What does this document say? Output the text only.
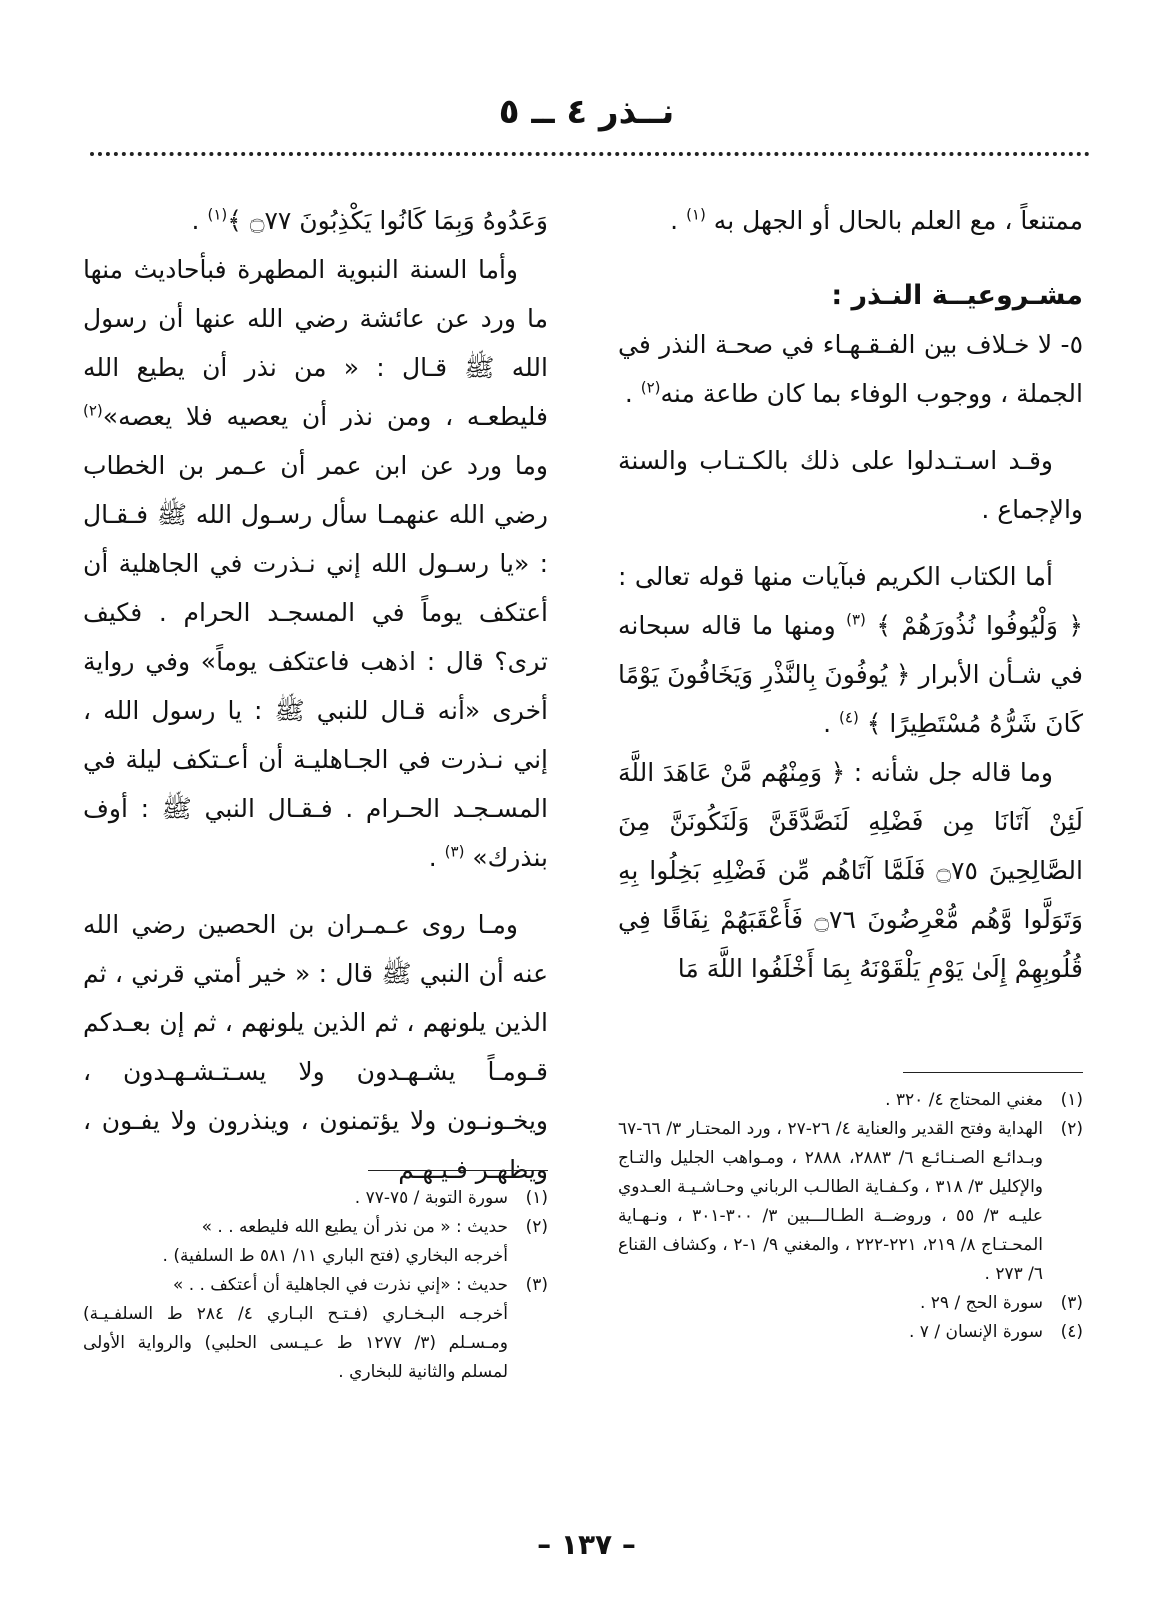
نــذر ٤ ــ ٥

ممتنعاً ، مع العلم بالحال أو الجهل به $^{(١)}$ .

مشـروعيــة النـذر :

٥- لا خـلاف بين الفـقـهـاء في صحـة النذر في الجملة ، ووجوب الوفاء بما كان طاعة منه$^{(٢)}$ .

وقـد اسـتـدلوا على ذلك بالكـتـاب والسنة والإجماع .

أما الكتاب الكريم فبآيات منها قوله تعالى : ﴿ وَلْيُوفُوا نُذُورَهُمْ ﴾ $^{(٣)}$ ومنها ما قاله سبحانه في شـأن الأبرار ﴿ يُوفُونَ بِالنَّذْرِ وَيَخَافُونَ يَوْمًا كَانَ شَرُّهُ مُسْتَطِيرًا ﴾ $^{(٤)}$ .

وما قاله جل شأنه : ﴿ وَمِنْهُم مَّنْ عَاهَدَ اللَّهَ لَئِنْ آتَانَا مِن فَضْلِهِ لَنَصَّدَّقَنَّ وَلَنَكُونَنَّ مِنَ الصَّالِحِينَ ۝٧٥ فَلَمَّا آتَاهُم مِّن فَضْلِهِ بَخِلُوا بِهِ وَتَوَلَّوا وَّهُم مُّعْرِضُونَ ۝٧٦ فَأَعْقَبَهُمْ نِفَاقًا فِي قُلُوبِهِمْ إِلَىٰ يَوْمِ يَلْقَوْنَهُ بِمَا أَخْلَفُوا اللَّهَ مَا

وَعَدُوهُ وَبِمَا كَانُوا يَكْذِبُونَ ۝٧٧ ﴾$^{(١)}$ .

وأما السنة النبوية المطهرة فبأحاديث منها ما ورد عن عائشة رضي الله عنها أن رسول الله ﷺ قـال : « من نذر أن يطيع الله فليطعـه ، ومن نذر أن يعصيه فلا يعصه»$^{(٢)}$ وما ورد عن ابن عمر أن عـمر بن الخطاب رضي الله عنهمـا سأل رسـول الله ﷺ فـقـال : «يا رسـول الله إني نـذرت في الجاهلية أن أعتكف يوماً في المسجـد الحرام . فكيف ترى؟ قال : اذهب فاعتكف يوماً» وفي رواية أخرى «أنه قـال للنبي ﷺ : يا رسول الله ، إني نـذرت في الجـاهليـة أن أعـتكف ليلة في المسـجـد الحـرام . فـقـال النبي ﷺ : أوف بنذرك» $^{(٣)}$ .

ومـا روى عـمـران بن الحصين رضي الله عنه أن النبي ﷺ قال : « خير أمتي قرني ، ثم الذين يلونهم ، ثم الذين يلونهم ، ثم إن بعـدكم قـومـاً يشـهـدون ولا يسـتـشـهـدون ، ويخـونـون ولا يؤتمنون ، وينذرون ولا يفـون ، ويظهـر فـيـهـم

(١)
مغني المحتاج ٤/ ٣٢٠ .
(٢)
الهداية وفتح القدير والعناية ٤/ ٢٦-٢٧ ، ورد المحتـار ٣/ ٦٦-٦٧ وبـدائـع الصـنـائـع ٦/ ٢٨٨٣، ٢٨٨٨ ، ومـواهب الجليل والتـاج والإكليل ٣/ ٣١٨ ، وكـفـاية الطالـب الرباني وحـاشـيـة العـدوي عليـه ٣/ ٥٥ ، وروضــة الطـالـــبين ٣/ ٣٠٠-٣٠١ ، ونـهـاية المحـتـاج ٨/ ٢١٩، ٢٢١-٢٢٢ ، والمغني ٩/ ١-٢ ، وكشاف القناع ٦/ ٢٧٣ .
(٣)
سورة الحج / ٢٩ .
(٤)
سورة الإنسان / ٧ .
(١)
سورة التوبة / ٧٥-٧٧ .
(٢)
حديث : « من نذر أن يطيع الله فليطعه . . »
أخرجه البخاري (فتح الباري ١١/ ٥٨١ ط السلفية) .
(٣)
حديث : «إني نذرت في الجاهلية أن أعتكف . . »
أخرجـه البـخـاري (فـتـح البـاري ٤/ ٢٨٤ ط السلفـيـة) ومـسـلم (٣/ ١٢٧٧ ط عـيـسى الحلبي) والرواية الأولى لمسلم والثانية للبخاري .
– ١٣٧ –
